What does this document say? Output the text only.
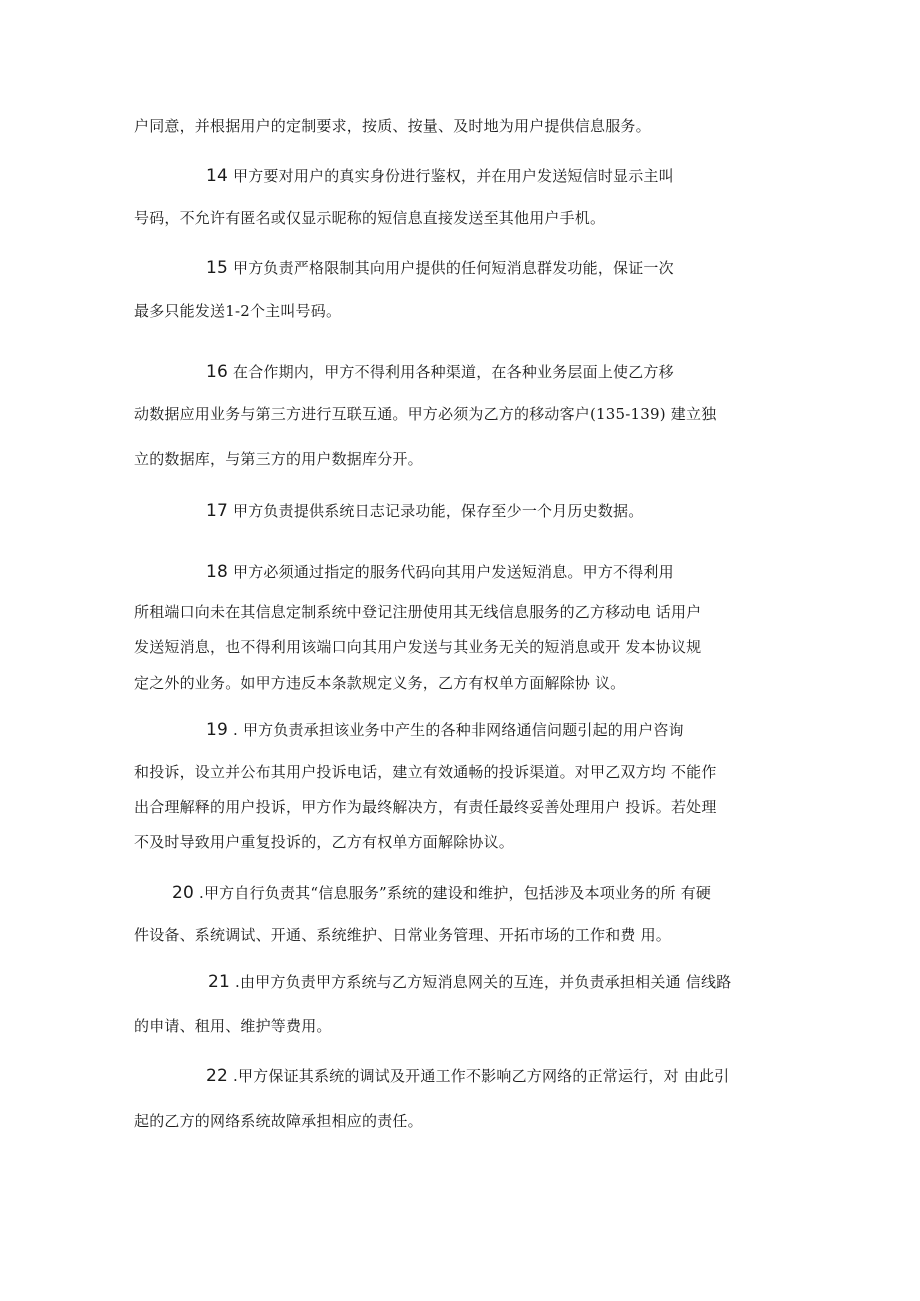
户同意，并根据用户的定制要求，按质、按量、及时地为用户提供信息服务。
14 甲方要对用户的真实身份进行鉴权，并在用户发送短信时显示主叫
号码，不允许有匿名或仅显示昵称的短信息直接发送至其他用户手机。
15 甲方负责严格限制其向用户提供的任何短消息群发功能，保证一次
最多只能发送1-2个主叫号码。
16 在合作期内，甲方不得利用各种渠道，在各种业务层面上使乙方移
动数据应用业务与第三方进行互联互通。甲方必须为乙方的移动客户(135-139) 建立独
立的数据库，与第三方的用户数据库分开。
17 甲方负责提供系统日志记录功能，保存至少一个月历史数据。
18 甲方必须通过指定的服务代码向其用户发送短消息。甲方不得利用
所租端口向未在其信息定制系统中登记注册使用其无线信息服务的乙方移动电 话用户
发送短消息，也不得利用该端口向其用户发送与其业务无关的短消息或开 发本协议规
定之外的业务。如甲方违反本条款规定义务，乙方有权单方面解除协 议。
19 . 甲方负责承担该业务中产生的各种非网络通信问题引起的用户咨询
和投诉，设立并公布其用户投诉电话，建立有效通畅的投诉渠道。对甲乙双方均 不能作
出合理解释的用户投诉，甲方作为最终解决方，有责任最终妥善处理用户 投诉。若处理
不及时导致用户重复投诉的，乙方有权单方面解除协议。
20 .甲方自行负责其“信息服务”系统的建设和维护，包括涉及本项业务的所 有硬
件设备、系统调试、开通、系统维护、日常业务管理、开拓市场的工作和费 用。
21 .由甲方负责甲方系统与乙方短消息网关的互连，并负责承担相关通 信线路
的申请、租用、维护等费用。
22 .甲方保证其系统的调试及开通工作不影响乙方网络的正常运行，对 由此引
起的乙方的网络系统故障承担相应的责任。
